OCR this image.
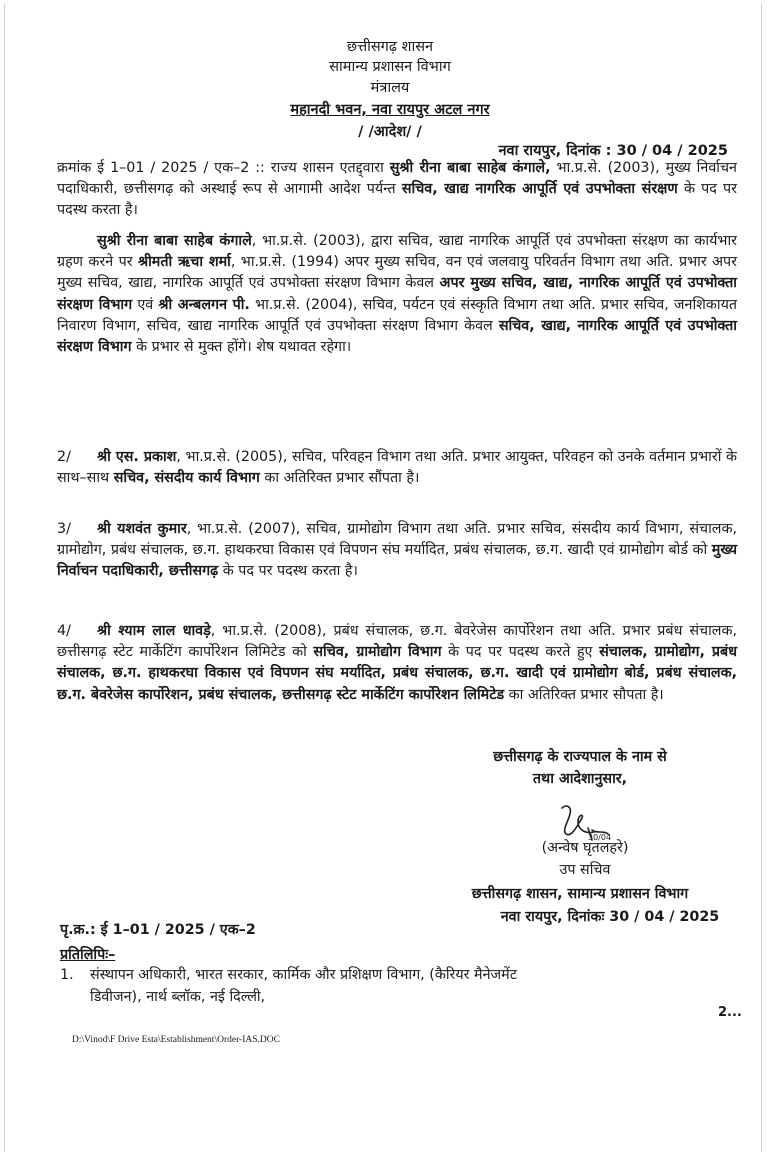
छत्तीसगढ़ शासन
सामान्य प्रशासन विभाग
मंत्रालय
महानदी भवन, नवा रायपुर अटल नगर
/ /आदेश/ /
नवा रायपुर, दिनांक : 30 / 04 / 2025
क्रमांक ई 1–01 / 2025 / एक–2 :: राज्य शासन एतद्द्वारा सुश्री रीना बाबा साहेब कंगाले, भा.प्र.से. (2003), मुख्य निर्वाचन पदाधिकारी, छत्तीसगढ़ को अस्थाई रूप से आगामी आदेश पर्यन्त सचिव, खाद्य नागरिक आपूर्ति एवं उपभोक्ता संरक्षण के पद पर पदस्थ करता है।
सुश्री रीना बाबा साहेब कंगाले, भा.प्र.से. (2003), द्वारा सचिव, खाद्य नागरिक आपूर्ति एवं उपभोक्ता संरक्षण का कार्यभार ग्रहण करने पर श्रीमती ऋचा शर्मा, भा.प्र.से. (1994) अपर मुख्य सचिव, वन एवं जलवायु परिवर्तन विभाग तथा अति. प्रभार अपर मुख्य सचिव, खाद्य, नागरिक आपूर्ति एवं उपभोक्ता संरक्षण विभाग केवल अपर मुख्य सचिव, खाद्य, नागरिक आपूर्ति एवं उपभोक्ता संरक्षण विभाग एवं श्री अन्बलगन पी. भा.प्र.से. (2004), सचिव, पर्यटन एवं संस्कृति विभाग तथा अति. प्रभार सचिव, जनशिकायत निवारण विभाग, सचिव, खाद्य नागरिक आपूर्ति एवं उपभोक्ता संरक्षण विभाग केवल सचिव, खाद्य, नागरिक आपूर्ति एवं उपभोक्ता संरक्षण विभाग के प्रभार से मुक्त होंगे। शेष यथावत रहेगा।
2/ श्री एस. प्रकाश, भा.प्र.से. (2005), सचिव, परिवहन विभाग तथा अति. प्रभार आयुक्त, परिवहन को उनके वर्तमान प्रभारों के साथ–साथ सचिव, संसदीय कार्य विभाग का अतिरिक्त प्रभार सौंपता है।
3/ श्री यशवंत कुमार, भा.प्र.से. (2007), सचिव, ग्रामोद्योग विभाग तथा अति. प्रभार सचिव, संसदीय कार्य विभाग, संचालक, ग्रामोद्योग, प्रबंध संचालक, छ.ग. हाथकरघा विकास एवं विपणन संघ मर्यादित, प्रबंध संचालक, छ.ग. खादी एवं ग्रामोद्योग बोर्ड को मुख्य निर्वाचन पदाधिकारी, छत्तीसगढ़ के पद पर पदस्थ करता है।
4/ श्री श्याम लाल धावड़े, भा.प्र.से. (2008), प्रबंध संचालक, छ.ग. बेवरेजेस कार्पोरेशन तथा अति. प्रभार प्रबंध संचालक, छत्तीसगढ़ स्टेट मार्केटिंग कार्पोरेशन लिमिटेड को सचिव, ग्रामोद्योग विभाग के पद पर पदस्थ करते हुए संचालक, ग्रामोद्योग, प्रबंध संचालक, छ.ग. हाथकरघा विकास एवं विपणन संघ मर्यादित, प्रबंध संचालक, छ.ग. खादी एवं ग्रामोद्योग बोर्ड, प्रबंध संचालक, छ.ग. बेवरेजेस कार्पोरेशन, प्रबंध संचालक, छत्तीसगढ़ स्टेट मार्केटिंग कार्पोरेशन लिमिटेड का अतिरिक्त प्रभार सौपता है।
छत्तीसगढ़ के राज्यपाल के नाम से
तथा आदेशानुसार,
30/04
(अन्वेष घृतलहरे)
उप सचिव
छत्तीसगढ़ शासन, सामान्य प्रशासन विभाग
नवा रायपुर, दिनांकः 30 / 04 / 2025
पृ.क्र.: ई 1–01 / 2025 / एक–2
प्रतिलिपिः–
1. संस्थापन अधिकारी, भारत सरकार, कार्मिक और प्रशिक्षण विभाग, (कैरियर मैनेजमेंट
डिवीजन), नार्थ ब्लॉक, नई दिल्ली,
2...
D:\Vinod\F Drive Esta\Establishment\Order-IAS.DOC
